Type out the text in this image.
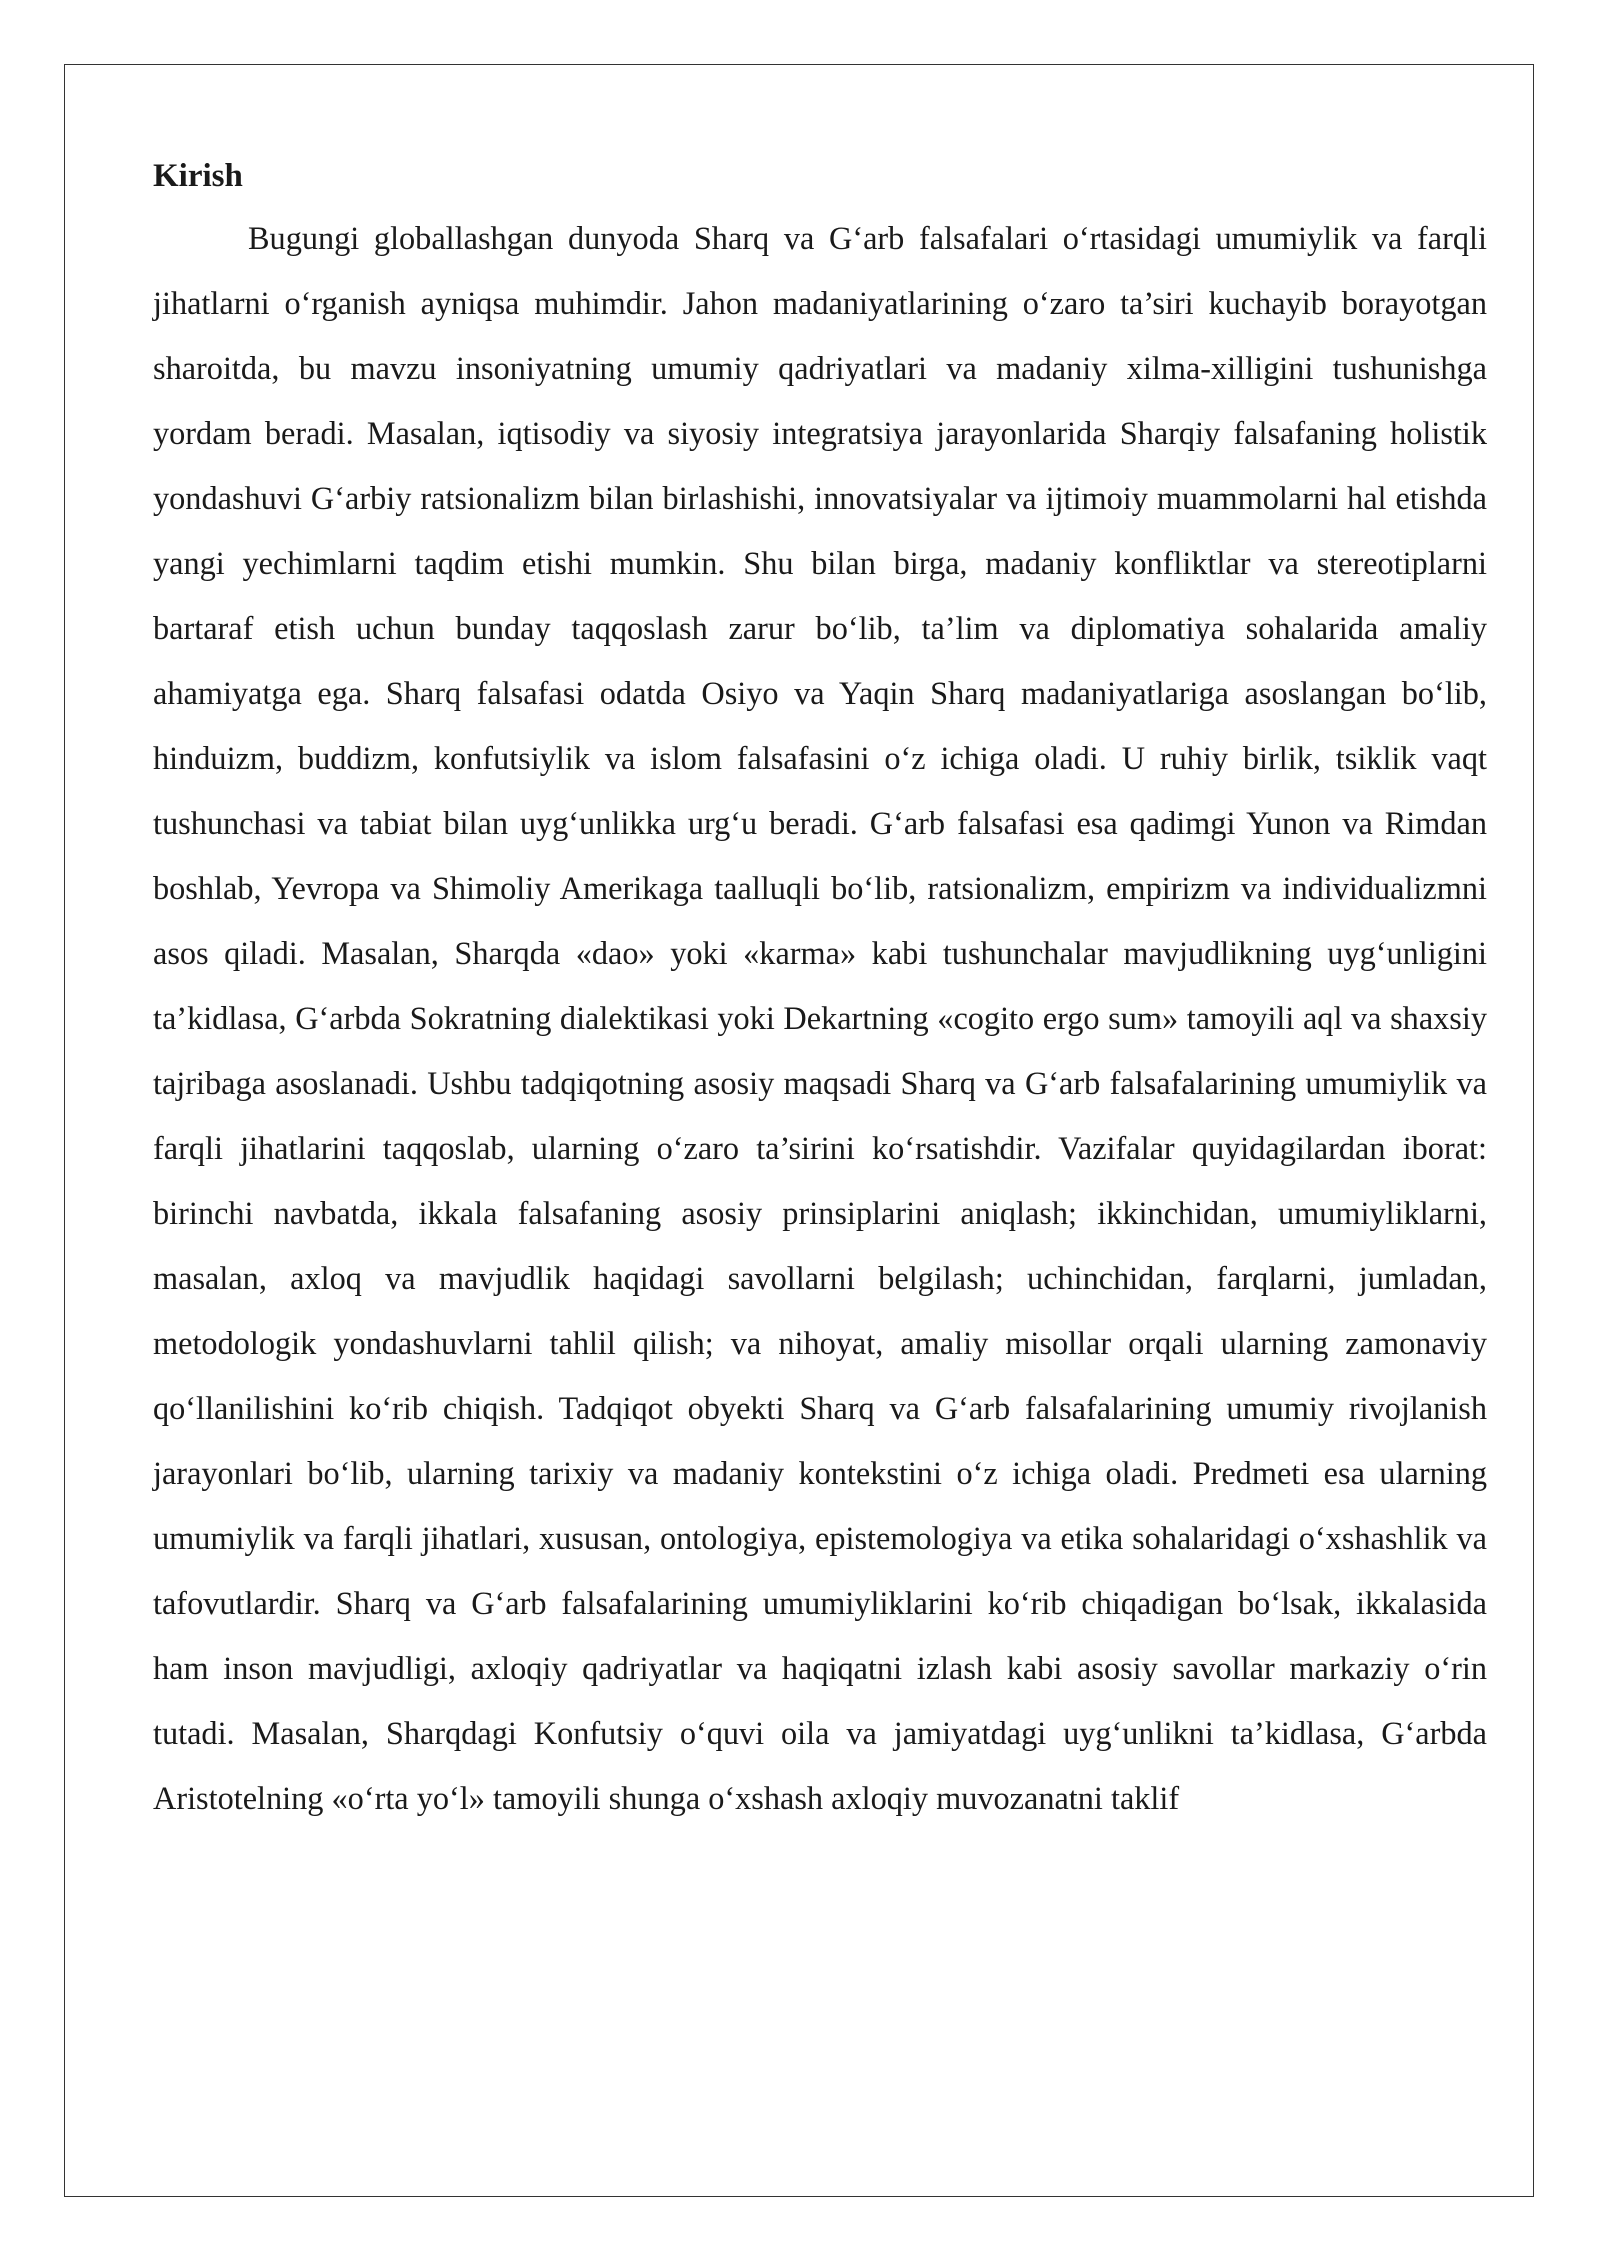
Kirish

Bugungi globallashgan dunyoda Sharq va G‘arb falsafalari o‘rtasidagi umumiylik va farqli jihatlarni o‘rganish ayniqsa muhimdir. Jahon madaniyatlarining o‘zaro ta’siri kuchayib borayotgan sharoitda, bu mavzu insoniyatning umumiy qadriyatlari va madaniy xilma-xilligini tushunishga yordam beradi. Masalan, iqtisodiy va siyosiy integratsiya jarayonlarida Sharqiy falsafaning holistik yondashuvi G‘arbiy ratsionalizm bilan birlashishi, innovatsiyalar va ijtimoiy muammolarni hal etishda yangi yechimlarni taqdim etishi mumkin. Shu bilan birga, madaniy konfliktlar va stereotiplarni bartaraf etish uchun bunday taqqoslash zarur bo‘lib, ta’lim va diplomatiya sohalarida amaliy ahamiyatga ega. Sharq falsafasi odatda Osiyo va Yaqin Sharq madaniyatlariga asoslangan bo‘lib, hinduizm, buddizm, konfutsiylik va islom falsafasini o‘z ichiga oladi. U ruhiy birlik, tsiklik vaqt tushunchasi va tabiat bilan uyg‘unlikka urg‘u beradi. G‘arb falsafasi esa qadimgi Yunon va Rimdan boshlab, Yevropa va Shimoliy Amerikaga taalluqli bo‘lib, ratsionalizm, empirizm va individualizmni asos qiladi. Masalan, Sharqda «dao» yoki «karma» kabi tushunchalar mavjudlikning uyg‘unligini ta’kidlasa, G‘arbda Sokratning dialektikasi yoki Dekartning «cogito ergo sum» tamoyili aql va shaxsiy tajribaga asoslanadi. Ushbu tadqiqotning asosiy maqsadi Sharq va G‘arb falsafalarining umumiylik va farqli jihatlarini taqqoslab, ularning o‘zaro ta’sirini ko‘rsatishdir. Vazifalar quyidagilardan iborat: birinchi navbatda, ikkala falsafaning asosiy prinsiplarini aniqlash; ikkinchidan, umumiyliklarni, masalan, axloq va mavjudlik haqidagi savollarni belgilash; uchinchidan, farqlarni, jumladan, metodologik yondashuvlarni tahlil qilish; va nihoyat, amaliy misollar orqali ularning zamonaviy qo‘llanilishini ko‘rib chiqish. Tadqiqot obyekti Sharq va G‘arb falsafalarining umumiy rivojlanish jarayonlari bo‘lib, ularning tarixiy va madaniy kontekstini o‘z ichiga oladi. Predmeti esa ularning umumiylik va farqli jihatlari, xususan, ontologiya, epistemologiya va etika sohalaridagi o‘xshashlik va tafovutlardir. Sharq va G‘arb falsafalarining umumiyliklarini ko‘rib chiqadigan bo‘lsak, ikkalasida ham inson mavjudligi, axloqiy qadriyatlar va haqiqatni izlash kabi asosiy savollar markaziy o‘rin tutadi. Masalan, Sharqdagi Konfutsiy o‘quvi oila va jamiyatdagi uyg‘unlikni ta’kidlasa, G‘arbda Aristotelning «o‘rta yo‘l» tamoyili shunga o‘xshash axloqiy muvozanatni taklif
